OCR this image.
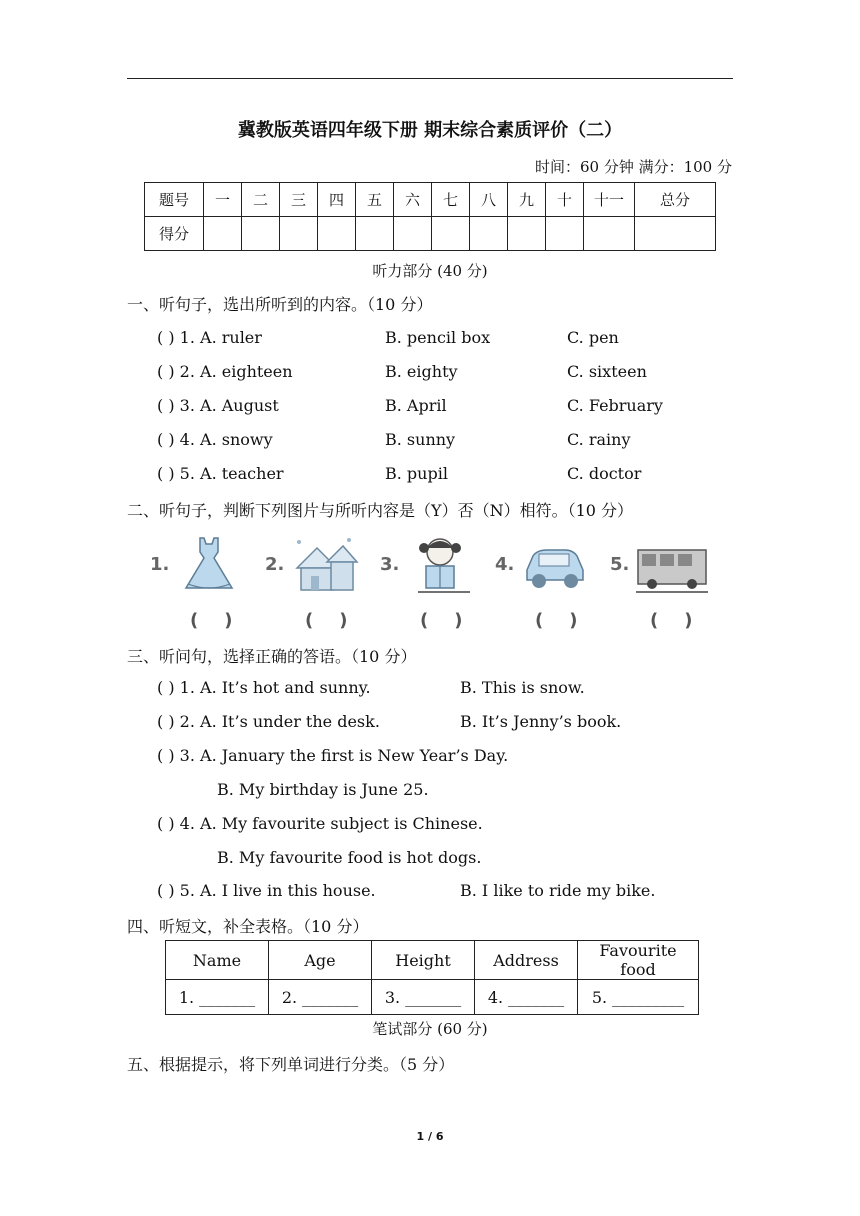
冀教版英语四年级下册 期末综合素质评价（二）
时间：60 分钟 满分：100 分
题号	一	二	三	四	五	六	七	八	九	十	十一	总分
得分												
听力部分 (40 分)
一、听句子，选出所听到的内容。（10 分）
( ) 1. A. ruler	B. pencil box	C. pen
( ) 2. A. eighteen	B. eighty	C. sixteen
( ) 3. A. August	B. April	C. February
( ) 4. A. snowy	B. sunny	C. rainy
( ) 5. A. teacher	B. pupil	C. doctor
二、听句子，判断下列图片与所听内容是（Y）否（N）相符。（10 分）
1.
()
2.
()
3.
()
4.
()
5.
()
三、听问句，选择正确的答语。（10 分）
( ) 1. A. It’s hot and sunny.	B. This is snow.
( ) 2. A. It’s under the desk.	B. It’s Jenny’s book.
( ) 3. A. January the first is New Year’s Day.
B. My birthday is June 25.
( ) 4. A. My favourite subject is Chinese.
B. My favourite food is hot dogs.
( ) 5. A. I live in this house.	B. I like to ride my bike.
四、听短文，补全表格。（10 分）
Name	Age	Height	Address	Favourite food
1. _______	2. _______	3. _______	4. _______	5. _________
笔试部分 (60 分)
五、根据提示，将下列单词进行分类。（5 分）
1 / 6
